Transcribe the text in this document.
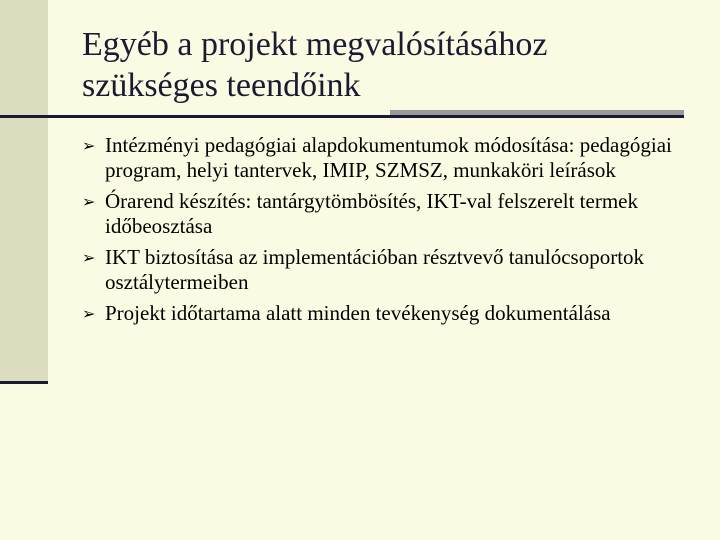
Egyéb a projekt megvalósításához
szükséges teendőink
➢ Intézményi pedagógiai alapdokumentumok módosítása: pedagógiai program, helyi tantervek, IMIP, SZMSZ, munkaköri leírások
➢ Órarend készítés: tantárgytömbösítés, IKT-val felszerelt termek időbeosztása
➢ IKT biztosítása az implementációban résztvevő tanulócsoportok osztálytermeiben
➢ Projekt időtartama alatt minden tevékenység dokumentálása
